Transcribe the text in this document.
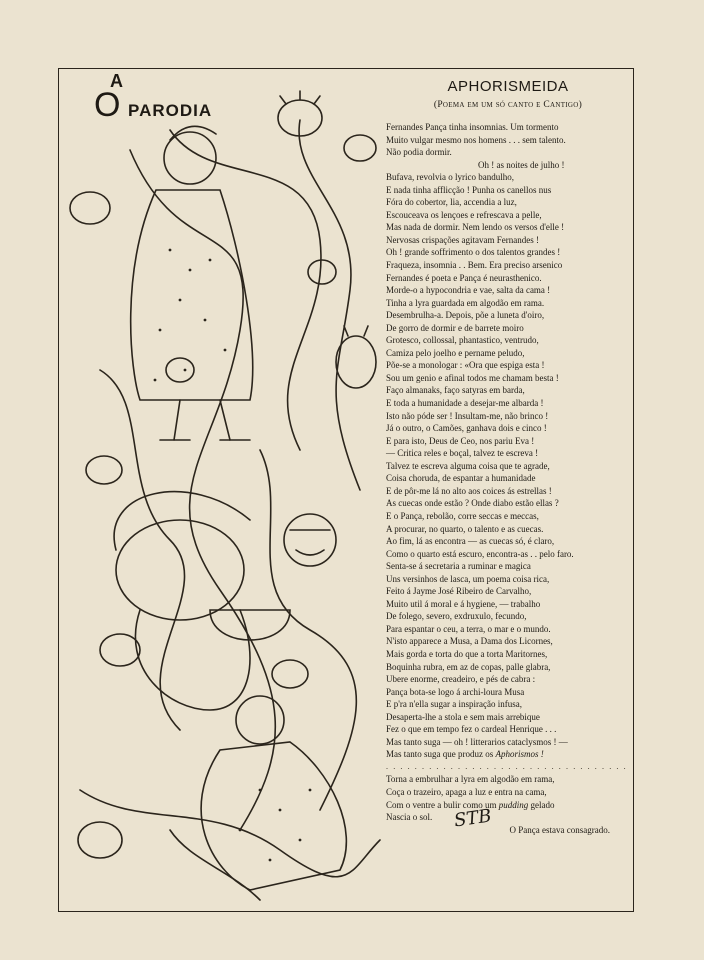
A
O PARODIA
APHORISMEIDA
(Poema em um só canto e Cantigo)
Fernandes Pança tinha insomnias. Um tormento
Muito vulgar mesmo nos homens . . . sem talento.
Não podia dormir.
Oh ! as noites de julho !
Bufava, revolvia o lyrico bandulho,
E nada tinha afflicção ! Punha os canellos nus
Fóra do cobertor, lia, accendia a luz,
Escouceava os lençoes e refrescava a pelle,
Mas nada de dormir. Nem lendo os versos d'elle !
Nervosas crispações agitavam Fernandes !
Oh ! grande soffrimento o dos talentos grandes !
Fraqueza, insomnia . . Bem. Era preciso arsenico
Fernandes é poeta e Pança é neurasthenico.
Morde-o a hypocondria e vae, salta da cama !
Tinha a lyra guardada em algodão em rama.
Desembrulha-a. Depois, põe a luneta d'oiro,
De gorro de dormir e de barrete moiro
Grotesco, collossal, phantastico, ventrudo,
Camiza pelo joelho e pername peludo,
Põe-se a monologar : «Ora que espiga esta !
Sou um genio e afinal todos me chamam besta !
Faço almanaks, faço satyras em barda,
E toda a humanidade a desejar-me albarda !
Isto não póde ser ! Insultam-me, não brinco !
Já o outro, o Camões, ganhava dois e cinco !
E para isto, Deus de Ceo, nos pariu Eva !
— Critica reles e boçal, talvez te escreva !
Talvez te escreva alguma coisa que te agrade,
Coisa choruda, de espantar a humanidade
E de pôr-me lá no alto aos coices ás estrellas !
As cuecas onde estão ? Onde diabo estão ellas ?
E o Pança, rebolão, corre seccas e meccas,
A procurar, no quarto, o talento e as cuecas.
Ao fim, lá as encontra — as cuecas só, é claro,
Como o quarto está escuro, encontra-as . . pelo faro.
Senta-se á secretaria a ruminar e magica
Uns versinhos de lasca, um poema coisa rica,
Feito á Jayme José Ribeiro de Carvalho,
Muito util á moral e á hygiene, — trabalho
De folego, severo, exdruxulo, fecundo,
Para espantar o ceu, a terra, o mar e o mundo.
N'isto apparece a Musa, a Dama dos Licornes,
Mais gorda e torta do que a torta Maritornes,
Boquinha rubra, em az de copas, palle glabra,
Ubere enorme, creadeiro, e pés de cabra :
Pança bota-se logo á archi-loura Musa
E p'ra n'ella sugar a inspiração infusa,
Desaperta-lhe a stola e sem mais arrebique
Fez o que em tempo fez o cardeal Henrique . . .
Mas tanto suga — oh ! litterarios cataclysmos ! —
Mas tanto suga que produz os Aphorismos !
. . . . . . . . . . . . . . . . . . . . . . . . . . . . . . . . . .
Torna a embrulhar a lyra em algodão em rama,
Coça o trazeiro, apaga a luz e entra na cama,
Com o ventre a bulir como um pudding gelado
Nascia o sol.
O Pança estava consagrado.
STB
